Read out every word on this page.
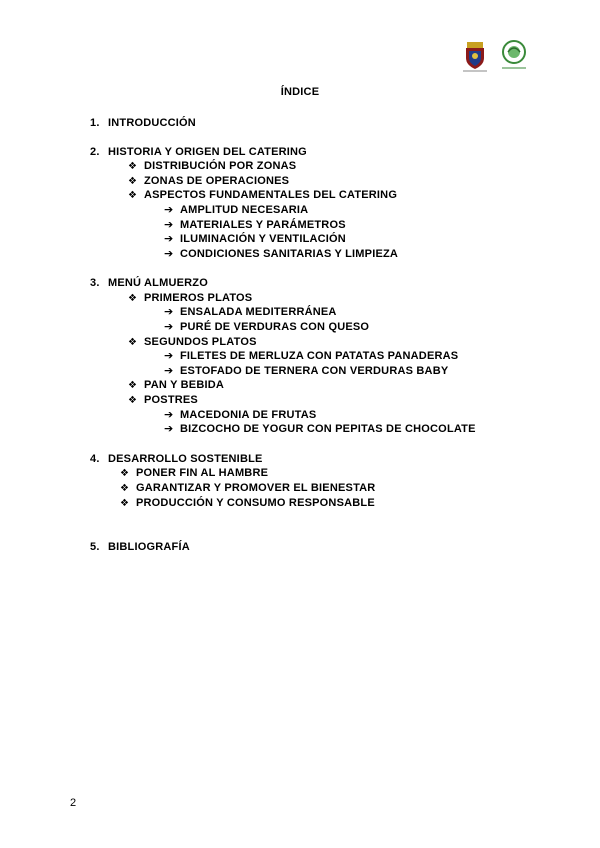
ÍNDICE
1. INTRODUCCIÓN
2. HISTORIA Y ORIGEN DEL CATERING
❖ DISTRIBUCIÓN POR ZONAS
❖ ZONAS DE OPERACIONES
❖ ASPECTOS FUNDAMENTALES DEL CATERING
➔ AMPLITUD NECESARIA
➔ MATERIALES Y PARÁMETROS
➔ ILUMINACIÓN Y VENTILACIÓN
➔ CONDICIONES SANITARIAS Y LIMPIEZA
3. MENÚ ALMUERZO
❖ PRIMEROS PLATOS
➔ ENSALADA MEDITERRÁNEA
➔ PURÉ DE VERDURAS CON QUESO
❖ SEGUNDOS PLATOS
➔ FILETES DE MERLUZA CON PATATAS PANADERAS
➔ ESTOFADO DE TERNERA CON VERDURAS BABY
❖ PAN Y BEBIDA
❖ POSTRES
➔ MACEDONIA DE FRUTAS
➔ BIZCOCHO DE YOGUR CON PEPITAS DE CHOCOLATE
4. DESARROLLO SOSTENIBLE
❖ PONER FIN AL HAMBRE
❖ GARANTIZAR Y PROMOVER EL BIENESTAR
❖ PRODUCCIÓN Y CONSUMO RESPONSABLE
5. BIBLIOGRAFÍA
2
